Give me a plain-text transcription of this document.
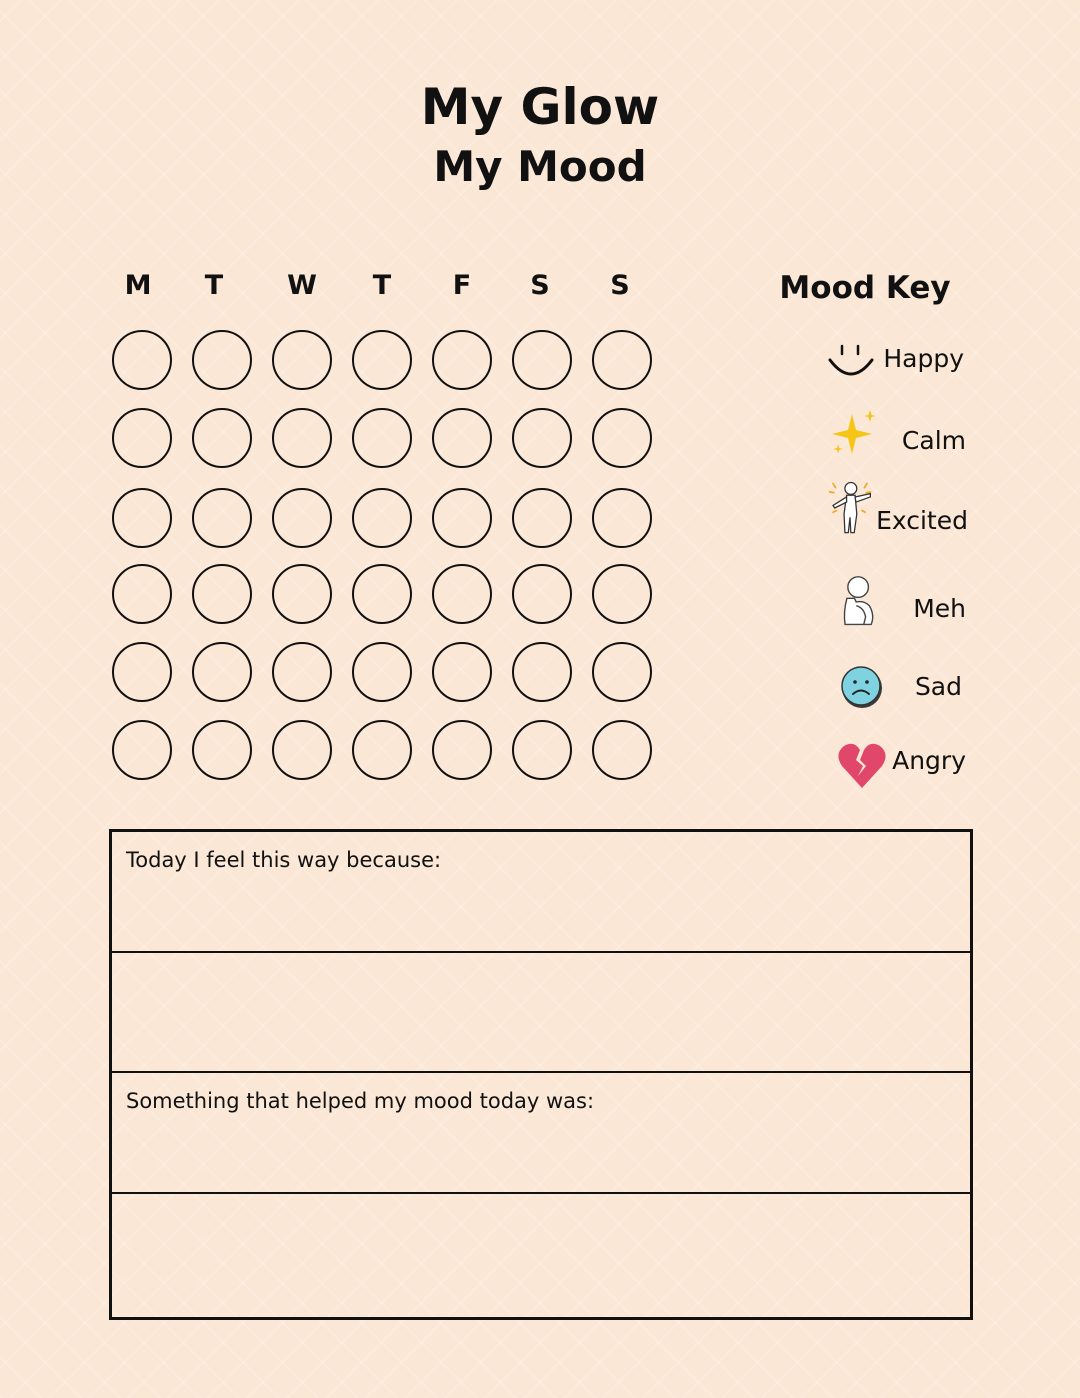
My Glow
My Mood
M	T	W	T	F	S	S	Mood Key
Happy
Calm
Excited
Meh
Sad
Angry
Today I feel this way because:
Something that helped my mood today was:
